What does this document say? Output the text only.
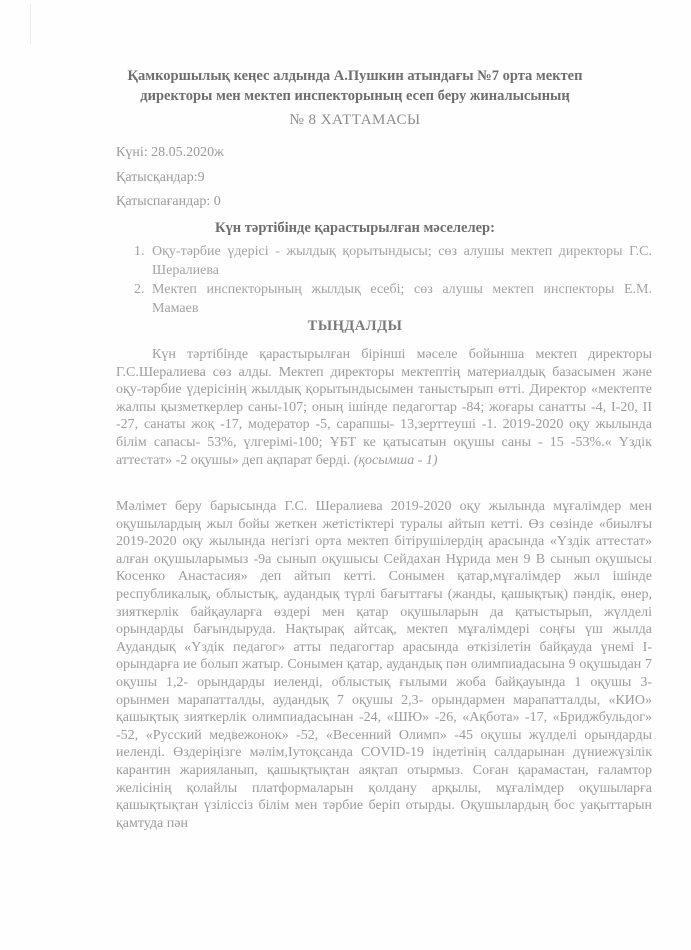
Қамкоршылық кеңес алдында А.Пушкин атындағы №7 орта мектеп
директоры мен мектеп инспекторының есеп беру жиналысының
№ 8 ХАТТАМАСЫ
Күні: 28.05.2020ж
Қатысқандар:9
Қатыспағандар: 0
Күн тәртібінде қарастырылған мәселелер:
1. Оқу-тәрбие үдерісі - жылдық қорытындысы; сөз алушы мектеп директоры Г.С. Шералиева
2. Мектеп инспекторының жылдық есебі; сөз алушы мектеп инспекторы Е.М. Мамаев
ТЫҢДАЛДЫ

Күн тәртібінде қарастырылған бірінші мәселе бойынша мектеп директоры Г.С.Шералиева сөз алды. Мектеп директоры мектептің материалдық базасымен және оқу-тәрбие үдерісінің жылдық қорытындысымен таныстырып өтті. Директор «мектепте жалпы қызметкерлер саны-107; оның ішінде педагогтар -84; жоғары санатты -4, I-20, II -27, санаты жоқ -17, модератор -5, сарапшы- 13,зерттеуші -1. 2019-2020 оқу жылында білім сапасы- 53%, үлгерімі-100; ҰБТ ке қатысатын оқушы саны - 15 -53%.« Үздік аттестат» -2 оқушы» деп ақпарат берді. (қосымша - 1)

Мәлімет беру барысында Г.С. Шералиева 2019-2020 оқу жылында мұғалімдер мен оқушылардың жыл бойы жеткен жетістіктері туралы айтып кетті. Өз сөзінде «биылғы 2019-2020 оқу жылында негізгі орта мектеп бітірушілердің арасында «Үздік аттестат» алған оқушыларымыз -9а сынып оқушысы Сейдахан Нұрида мен 9 В сынып оқушысы Косенко Анастасия» деп айтып кетті. Сонымен қатар,мұғалімдер жыл ішінде республикалық, облыстық, аудандық түрлі бағыттағы (жанды, қашықтық) пәндік, өнер, зияткерлік байқауларға өздері мен қатар оқушыларын да қатыстырып, жүлделі орындарды бағындыруда. Нақтырақ айтсақ, мектеп мұғалімдері соңғы үш жылда Аудандық «Үздік педагог» атты педагогтар арасында өткізілетін байқауда үнемі I-орындарға ие болып жатыр. Сонымен қатар, аудандық пән олимпиадасына 9 оқушыдан 7 оқушы 1,2- орындарды иеленді, облыстық ғылыми жоба байқауында 1 оқушы 3- орынмен марапатталды, аудандық 7 оқушы 2,3- орындармен марапатталды, «КИО» қашықтық зияткерлік олимпиадасынан -24, «ШЮ» -26, «Ақбота» -17, «Бриджбульдог» -52, «Русский медвежонок» -52, «Весенний Олимп» -45 оқушы жүлделі орындарды иеленді. Өздеріңізге мәлім,Іутоқсанда COVID-19 індетінің салдарынан дүниежүзілік карантин жарияланып, қашықтықтан аяқтап отырмыз. Соған қарамастан, ғаламтор желісінің қолайлы платформаларын қолдану арқылы, мұғалімдер оқушыларға қашықтықтан үзіліссіз білім мен тәрбие беріп отырды. Оқушылардың бос уақыттарын қамтуда пән
